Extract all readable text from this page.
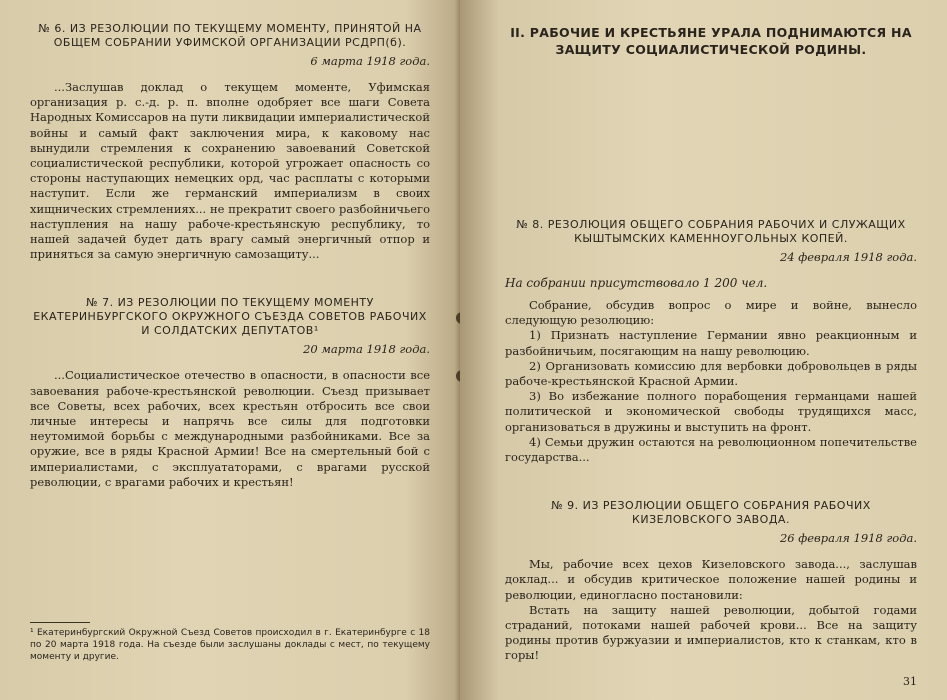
№ 6. ИЗ РЕЗОЛЮЦИИ ПО ТЕКУЩЕМУ МОМЕНТУ, ПРИНЯТОЙ НА ОБЩЕМ СОБРАНИИ УФИМСКОЙ ОРГАНИЗАЦИИ РСДРП(б).

6 марта 1918 года.

...Заслушав доклад о текущем моменте, Уфимская организация р. с.-д. р. п. вполне одобряет все шаги Совета Народных Комиссаров на пути ликвидации империалистической войны и самый факт заключения мира, к каковому нас вынудили стремления к сохранению завоеваний Советской социалистической республики, которой угрожает опасность со стороны наступающих немецких орд, час расплаты с которыми наступит. Если же германский империализм в своих хищнических стремлениях... не прекратит своего разбойничьего наступления на нашу рабоче-крестьянскую республику, то нашей задачей будет дать врагу самый энергичный отпор и приняться за самую энергичную самозащиту...

№ 7. ИЗ РЕЗОЛЮЦИИ ПО ТЕКУЩЕМУ МОМЕНТУ ЕКАТЕРИНБУРГСКОГО ОКРУЖНОГО СЪЕЗДА СОВЕТОВ РАБОЧИХ И СОЛДАТСКИХ ДЕПУТАТОВ¹

20 марта 1918 года.

...Социалистическое отечество в опасности, в опасности все завоевания рабоче-крестьянской революции. Съезд призывает все Советы, всех рабочих, всех крестьян отбросить все свои личные интересы и напрячь все силы для подготовки неутомимой борьбы с международными разбойниками. Все за оружие, все в ряды Красной Армии! Все на смертельный бой с империалистами, с эксплуататорами, с врагами русской революции, с врагами рабочих и крестьян!

¹ Екатеринбургский Окружной Съезд Советов происходил в г. Екатеринбурге с 18 по 20 марта 1918 года. На съезде были заслушаны доклады с мест, по текущему моменту и другие.

II. РАБОЧИЕ И КРЕСТЬЯНЕ УРАЛА ПОДНИМАЮТСЯ НА ЗАЩИТУ СОЦИАЛИСТИЧЕСКОЙ РОДИНЫ.

№ 8. РЕЗОЛЮЦИЯ ОБЩЕГО СОБРАНИЯ РАБОЧИХ И СЛУЖАЩИХ КЫШТЫМСКИХ КАМЕННОУГОЛЬНЫХ КОПЕЙ.

24 февраля 1918 года.

На собрании присутствовало 1 200 чел.

Собрание, обсудив вопрос о мире и войне, вынесло следующую резолюцию:

1) Признать наступление Германии явно реакционным и разбойничьим, посягающим на нашу революцию.

2) Организовать комиссию для вербовки добровольцев в ряды рабоче-крестьянской Красной Армии.

3) Во избежание полного порабощения германцами нашей политической и экономической свободы трудящихся масс, организоваться в дружины и выступить на фронт.

4) Семьи дружин остаются на революционном попечительстве государства...

№ 9. ИЗ РЕЗОЛЮЦИИ ОБЩЕГО СОБРАНИЯ РАБОЧИХ КИЗЕЛОВСКОГО ЗАВОДА.

26 февраля 1918 года.

Мы, рабочие всех цехов Кизеловского завода..., заслушав доклад... и обсудив критическое положение нашей родины и революции, единогласно постановили:

Встать на защиту нашей революции, добытой годами страданий, потоками нашей рабочей крови... Все на защиту родины против буржуазии и империалистов, кто к станкам, кто в горы!

31
